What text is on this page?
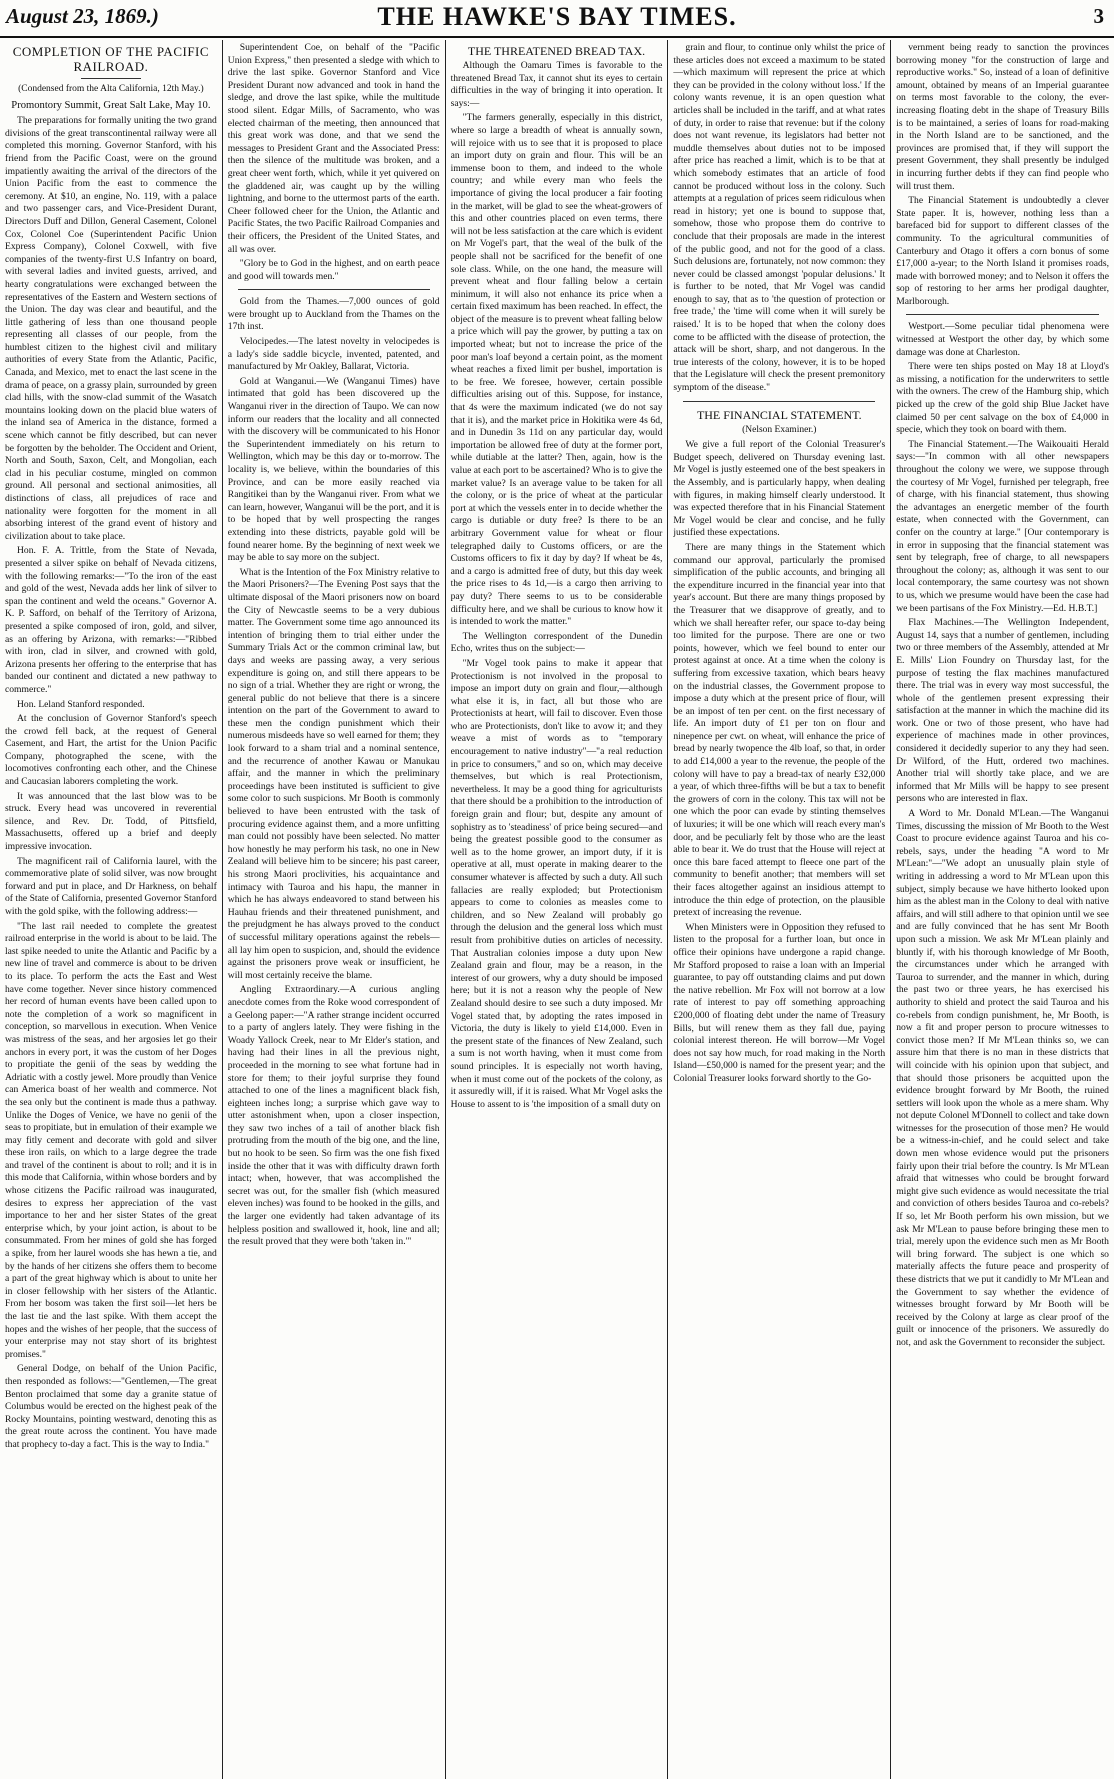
August 23, 1869.)	THE HAWKE'S BAY TIMES.	3
COMPLETION OF THE PACIFIC RAILROAD.
(Condensed from the Alta California, 12th May.)
Promontory Summit, Great Salt Lake, May 10.

The preparations for formally uniting the two grand divisions of the great transcontinental railway were all completed this morning. Governor Stanford, with his friend from the Pacific Coast, were on the ground impatiently awaiting the arrival of the directors of the Union Pacific from the east to commence the ceremony. At $10, an engine, No. 119, with a palace and two passenger cars, and Vice-President Durant, Directors Duff and Dillon, General Casement, Colonel Cox, Colonel Coe (Superintendent Pacific Union Express Company), Colonel Coxwell, with five companies of the twenty-first U.S Infantry on board, with several ladies and invited guests, arrived, and hearty congratulations were exchanged between the representatives of the Eastern and Western sections of the Union. The day was clear and beautiful, and the little gathering of less than one thousand people representing all classes of our people, from the humblest citizen to the highest civil and military authorities of every State from the Atlantic, Pacific, Canada, and Mexico, met to enact the last scene in the drama of peace, on a grassy plain, surrounded by green clad hills, with the snow-clad summit of the Wasatch mountains looking down on the placid blue waters of the inland sea of America in the distance, formed a scene which cannot be fitly described, but can never be forgotten by the beholder. The Occident and Orient, North and South, Saxon, Celt, and Mongolian, each clad in his peculiar costume, mingled on common ground. All personal and sectional animosities, all distinctions of class, all prejudices of race and nationality were forgotten for the moment in all absorbing interest of the grand event of history and civilization about to take place.

Hon. F. A. Trittle, from the State of Nevada, presented a silver spike on behalf of Nevada citizens, with the following remarks:—"To the iron of the east and gold of the west, Nevada adds her link of silver to span the continent and weld the oceans." Governor A. K. P. Safford, on behalf of the Territory of Arizona, presented a spike composed of iron, gold, and silver, as an offering by Arizona, with remarks:—"Ribbed with iron, clad in silver, and crowned with gold, Arizona presents her offering to the enterprise that has banded our continent and dictated a new pathway to commerce."

Hon. Leland Stanford responded.

At the conclusion of Governor Stanford's speech the crowd fell back, at the request of General Casement, and Hart, the artist for the Union Pacific Company, photographed the scene, with the locomotives confronting each other, and the Chinese and Caucasian laborers completing the work.

It was announced that the last blow was to be struck. Every head was uncovered in reverential silence, and Rev. Dr. Todd, of Pittsfield, Massachusetts, offered up a brief and deeply impressive invocation.

The magnificent rail of California laurel, with the commemorative plate of solid silver, was now brought forward and put in place, and Dr Harkness, on behalf of the State of California, presented Governor Stanford with the gold spike, with the following address:—

"The last rail needed to complete the greatest railroad enterprise in the world is about to be laid. The last spike needed to unite the Atlantic and Pacific by a new line of travel and commerce is about to be driven to its place. To perform the acts the East and West have come together. Never since history commenced her record of human events have been called upon to note the completion of a work so magnificent in conception, so marvellous in execution. When Venice was mistress of the seas, and her argosies let go their anchors in every port, it was the custom of her Doges to propitiate the genii of the seas by wedding the Adriatic with a costly jewel. More proudly than Venice can America boast of her wealth and commerce. Not the sea only but the continent is made thus a pathway. Unlike the Doges of Venice, we have no genii of the seas to propitiate, but in emulation of their example we may fitly cement and decorate with gold and silver these iron rails, on which to a large degree the trade and travel of the continent is about to roll; and it is in this mode that California, within whose borders and by whose citizens the Pacific railroad was inaugurated, desires to express her appreciation of the vast importance to her and her sister States of the great enterprise which, by your joint action, is about to be consummated. From her mines of gold she has forged a spike, from her laurel woods she has hewn a tie, and by the hands of her citizens she offers them to become a part of the great highway which is about to unite her in closer fellowship with her sisters of the Atlantic. From her bosom was taken the first soil—let hers be the last tie and the last spike. With them accept the hopes and the wishes of her people, that the success of your enterprise may not stay short of its brightest promises."

General Dodge, on behalf of the Union Pacific, then responded as follows:—"Gentlemen,—The great Benton proclaimed that some day a granite statue of Columbus would be erected on the highest peak of the Rocky Mountains, pointing westward, denoting this as the great route across the continent. You have made that prophecy to-day a fact. This is the way to India."

Superintendent Coe, on behalf of the "Pacific Union Express," then presented a sledge with which to drive the last spike. Governor Stanford and Vice President Durant now advanced and took in hand the sledge, and drove the last spike, while the multitude stood silent. Edgar Mills, of Sacramento, who was elected chairman of the meeting, then announced that this great work was done, and that we send the messages to President Grant and the Associated Press: then the silence of the multitude was broken, and a great cheer went forth, which, while it yet quivered on the gladdened air, was caught up by the willing lightning, and borne to the uttermost parts of the earth. Cheer followed cheer for the Union, the Atlantic and Pacific States, the two Pacific Railroad Companies and their officers, the President of the United States, and all was over.

"Glory be to God in the highest, and on earth peace and good will towards men."

Gold from the Thames.—7,000 ounces of gold were brought up to Auckland from the Thames on the 17th inst.

Velocipedes.—The latest novelty in velocipedes is a lady's side saddle bicycle, invented, patented, and manufactured by Mr Oakley, Ballarat, Victoria.

Gold at Wanganui.—We (Wanganui Times) have intimated that gold has been discovered up the Wanganui river in the direction of Taupo. We can now inform our readers that the locality and all connected with the discovery will be communicated to his Honor the Superintendent immediately on his return to Wellington, which may be this day or to-morrow. The locality is, we believe, within the boundaries of this Province, and can be more easily reached via Rangitikei than by the Wanganui river. From what we can learn, however, Wanganui will be the port, and it is to be hoped that by well prospecting the ranges extending into these districts, payable gold will be found nearer home. By the beginning of next week we may be able to say more on the subject.

What is the Intention of the Fox Ministry relative to the Maori Prisoners?—The Evening Post says that the ultimate disposal of the Maori prisoners now on board the City of Newcastle seems to be a very dubious matter. The Government some time ago announced its intention of bringing them to trial either under the Summary Trials Act or the common criminal law, but days and weeks are passing away, a very serious expenditure is going on, and still there appears to be no sign of a trial. Whether they are right or wrong, the general public do not believe that there is a sincere intention on the part of the Government to award to these men the condign punishment which their numerous misdeeds have so well earned for them; they look forward to a sham trial and a nominal sentence, and the recurrence of another Kawau or Manukau affair, and the manner in which the preliminary proceedings have been instituted is sufficient to give some color to such suspicions. Mr Booth is commonly believed to have been entrusted with the task of procuring evidence against them, and a more unfitting man could not possibly have been selected. No matter how honestly he may perform his task, no one in New Zealand will believe him to be sincere; his past career, his strong Maori proclivities, his acquaintance and intimacy with Tauroa and his hapu, the manner in which he has always endeavored to stand between his Hauhau friends and their threatened punishment, and the prejudgment he has always proved to the conduct of successful military operations against the rebels—all lay him open to suspicion, and, should the evidence against the prisoners prove weak or insufficient, he will most certainly receive the blame.

Angling Extraordinary.—A curious angling anecdote comes from the Roke wood correspondent of a Geelong paper:—"A rather strange incident occurred to a party of anglers lately. They were fishing in the Woady Yallock Creek, near to Mr Elder's station, and having had their lines in all the previous night, proceeded in the morning to see what fortune had in store for them; to their joyful surprise they found attached to one of the lines a magnificent black fish, eighteen inches long; a surprise which gave way to utter astonishment when, upon a closer inspection, they saw two inches of a tail of another black fish protruding from the mouth of the big one, and the line, but no hook to be seen. So firm was the one fish fixed inside the other that it was with difficulty drawn forth intact; when, however, that was accomplished the secret was out, for the smaller fish (which measured eleven inches) was found to be hooked in the gills, and the larger one evidently had taken advantage of its helpless position and swallowed it, hook, line and all; the result proved that they were both 'taken in.'"

THE THREATENED BREAD TAX.

Although the Oamaru Times is favorable to the threatened Bread Tax, it cannot shut its eyes to certain difficulties in the way of bringing it into operation. It says:—

"The farmers generally, especially in this district, where so large a breadth of wheat is annually sown, will rejoice with us to see that it is proposed to place an import duty on grain and flour. This will be an immense boon to them, and indeed to the whole country; and while every man who feels the importance of giving the local producer a fair footing in the market, will be glad to see the wheat-growers of this and other countries placed on even terms, there will not be less satisfaction at the care which is evident on Mr Vogel's part, that the weal of the bulk of the people shall not be sacrificed for the benefit of one sole class. While, on the one hand, the measure will prevent wheat and flour falling below a certain minimum, it will also not enhance its price when a certain fixed maximum has been reached. In effect, the object of the measure is to prevent wheat falling below a price which will pay the grower, by putting a tax on imported wheat; but not to increase the price of the poor man's loaf beyond a certain point, as the moment wheat reaches a fixed limit per bushel, importation is to be free. We foresee, however, certain possible difficulties arising out of this. Suppose, for instance, that 4s were the maximum indicated (we do not say that it is), and the market price in Hokitika were 4s 6d, and in Dunedin 3s 11d on any particular day, would importation be allowed free of duty at the former port, while dutiable at the latter? Then, again, how is the value at each port to be ascertained? Who is to give the market value? Is an average value to be taken for all the colony, or is the price of wheat at the particular port at which the vessels enter in to decide whether the cargo is dutiable or duty free? Is there to be an arbitrary Government value for wheat or flour telegraphed daily to Customs officers, or are the Customs officers to fix it day by day? If wheat be 4s, and a cargo is admitted free of duty, but this day week the price rises to 4s 1d,—is a cargo then arriving to pay duty? There seems to us to be considerable difficulty here, and we shall be curious to know how it is intended to work the matter."

The Wellington correspondent of the Dunedin Echo, writes thus on the subject:—

"Mr Vogel took pains to make it appear that Protectionism is not involved in the proposal to impose an import duty on grain and flour,—although what else it is, in fact, all but those who are Protectionists at heart, will fail to discover. Even those who are Protectionists, don't like to avow it; and they weave a mist of words as to "temporary encouragement to native industry"—"a real reduction in price to consumers," and so on, which may deceive themselves, but which is real Protectionism, nevertheless. It may be a good thing for agriculturists that there should be a prohibition to the introduction of foreign grain and flour; but, despite any amount of sophistry as to 'steadiness' of price being secured—and being the greatest possible good to the consumer as well as to the home grower, an import duty, if it is operative at all, must operate in making dearer to the consumer whatever is affected by such a duty. All such fallacies are really exploded; but Protectionism appears to come to colonies as measles come to children, and so New Zealand will probably go through the delusion and the general loss which must result from prohibitive duties on articles of necessity. That Australian colonies impose a duty upon New Zealand grain and flour, may be a reason, in the interest of our growers, why a duty should be imposed here; but it is not a reason why the people of New Zealand should desire to see such a duty imposed. Mr Vogel stated that, by adopting the rates imposed in Victoria, the duty is likely to yield £14,000. Even in the present state of the finances of New Zealand, such a sum is not worth having, when it must come from sound principles. It is especially not worth having, when it must come out of the pockets of the colony, as it assuredly will, if it is raised. What Mr Vogel asks the House to assent to is 'the imposition of a small duty on

grain and flour, to continue only whilst the price of these articles does not exceed a maximum to be stated—which maximum will represent the price at which they can be provided in the colony without loss.' If the colony wants revenue, it is an open question what articles shall be included in the tariff, and at what rates of duty, in order to raise that revenue: but if the colony does not want revenue, its legislators had better not muddle themselves about duties not to be imposed after price has reached a limit, which is to be that at which somebody estimates that an article of food cannot be produced without loss in the colony. Such attempts at a regulation of prices seem ridiculous when read in history; yet one is bound to suppose that, somehow, those who propose them do contrive to conclude that their proposals are made in the interest of the public good, and not for the good of a class. Such delusions are, fortunately, not now common: they never could be classed amongst 'popular delusions.' It is further to be noted, that Mr Vogel was candid enough to say, that as to 'the question of protection or free trade,' the 'time will come when it will surely be raised.' It is to be hoped that when the colony does come to be afflicted with the disease of protection, the attack will be short, sharp, and not dangerous. In the true interests of the colony, however, it is to be hoped that the Legislature will check the present premonitory symptom of the disease."

THE FINANCIAL STATEMENT.
(Nelson Examiner.)

We give a full report of the Colonial Treasurer's Budget speech, delivered on Thursday evening last. Mr Vogel is justly esteemed one of the best speakers in the Assembly, and is particularly happy, when dealing with figures, in making himself clearly understood. It was expected therefore that in his Financial Statement Mr Vogel would be clear and concise, and he fully justified these expectations.

There are many things in the Statement which command our approval, particularly the promised simplification of the public accounts, and bringing all the expenditure incurred in the financial year into that year's account. But there are many things proposed by the Treasurer that we disapprove of greatly, and to which we shall hereafter refer, our space to-day being too limited for the purpose. There are one or two points, however, which we feel bound to enter our protest against at once. At a time when the colony is suffering from excessive taxation, which bears heavy on the industrial classes, the Government propose to impose a duty which at the present price of flour, will be an impost of ten per cent. on the first necessary of life. An import duty of £1 per ton on flour and ninepence per cwt. on wheat, will enhance the price of bread by nearly twopence the 4lb loaf, so that, in order to add £14,000 a year to the revenue, the people of the colony will have to pay a bread-tax of nearly £32,000 a year, of which three-fifths will be but a tax to benefit the growers of corn in the colony. This tax will not be one which the poor can evade by stinting themselves of luxuries; it will be one which will reach every man's door, and be peculiarly felt by those who are the least able to bear it. We do trust that the House will reject at once this bare faced attempt to fleece one part of the community to benefit another; that members will set their faces altogether against an insidious attempt to introduce the thin edge of protection, on the plausible pretext of increasing the revenue.

When Ministers were in Opposition they refused to listen to the proposal for a further loan, but once in office their opinions have undergone a rapid change. Mr Stafford proposed to raise a loan with an Imperial guarantee, to pay off outstanding claims and put down the native rebellion. Mr Fox will not borrow at a low rate of interest to pay off something approaching £200,000 of floating debt under the name of Treasury Bills, but will renew them as they fall due, paying colonial interest thereon. He will borrow—Mr Vogel does not say how much, for road making in the North Island—£50,000 is named for the present year; and the Colonial Treasurer looks forward shortly to the Go-

vernment being ready to sanction the provinces borrowing money "for the construction of large and reproductive works." So, instead of a loan of definitive amount, obtained by means of an Imperial guarantee on terms most favorable to the colony, the ever-increasing floating debt in the shape of Treasury Bills is to be maintained, a series of loans for road-making in the North Island are to be sanctioned, and the provinces are promised that, if they will support the present Government, they shall presently be indulged in incurring further debts if they can find people who will trust them.

The Financial Statement is undoubtedly a clever State paper. It is, however, nothing less than a barefaced bid for support to different classes of the community. To the agricultural communities of Canterbury and Otago it offers a corn bonus of some £17,000 a-year; to the North Island it promises roads, made with borrowed money; and to Nelson it offers the sop of restoring to her arms her prodigal daughter, Marlborough.

Westport.—Some peculiar tidal phenomena were witnessed at Westport the other day, by which some damage was done at Charleston.

There were ten ships posted on May 18 at Lloyd's as missing, a notification for the underwriters to settle with the owners. The crew of the Hamburg ship, which picked up the crew of the gold ship Blue Jacket have claimed 50 per cent salvage on the box of £4,000 in specie, which they took on board with them.

The Financial Statement.—The Waikouaiti Herald says:—"In common with all other newspapers throughout the colony we were, we suppose through the courtesy of Mr Vogel, furnished per telegraph, free of charge, with his financial statement, thus showing the advantages an energetic member of the fourth estate, when connected with the Government, can confer on the country at large." [Our contemporary is in error in supposing that the financial statement was sent by telegraph, free of charge, to all newspapers throughout the colony; as, although it was sent to our local contemporary, the same courtesy was not shown to us, which we presume would have been the case had we been partisans of the Fox Ministry.—Ed. H.B.T.]

Flax Machines.—The Wellington Independent, August 14, says that a number of gentlemen, including two or three members of the Assembly, attended at Mr E. Mills' Lion Foundry on Thursday last, for the purpose of testing the flax machines manufactured there. The trial was in every way most successful, the whole of the gentlemen present expressing their satisfaction at the manner in which the machine did its work. One or two of those present, who have had experience of machines made in other provinces, considered it decidedly superior to any they had seen. Dr Wilford, of the Hutt, ordered two machines. Another trial will shortly take place, and we are informed that Mr Mills will be happy to see present persons who are interested in flax.

A Word to Mr. Donald M'Lean.—The Wanganui Times, discussing the mission of Mr Booth to the West Coast to procure evidence against Tauroa and his co-rebels, says, under the heading "A word to Mr M'Lean:"—"We adopt an unusually plain style of writing in addressing a word to Mr M'Lean upon this subject, simply because we have hitherto looked upon him as the ablest man in the Colony to deal with native affairs, and will still adhere to that opinion until we see and are fully convinced that he has sent Mr Booth upon such a mission. We ask Mr M'Lean plainly and bluntly if, with his thorough knowledge of Mr Booth, the circumstances under which he arranged with Tauroa to surrender, and the manner in which, during the past two or three years, he has exercised his authority to shield and protect the said Tauroa and his co-rebels from condign punishment, he, Mr Booth, is now a fit and proper person to procure witnesses to convict those men? If Mr M'Lean thinks so, we can assure him that there is no man in these districts that will coincide with his opinion upon that subject, and that should those prisoners be acquitted upon the evidence brought forward by Mr Booth, the ruined settlers will look upon the whole as a mere sham. Why not depute Colonel M'Donnell to collect and take down witnesses for the prosecution of those men? He would be a witness-in-chief, and he could select and take down men whose evidence would put the prisoners fairly upon their trial before the country. Is Mr M'Lean afraid that witnesses who could be brought forward might give such evidence as would necessitate the trial and conviction of others besides Tauroa and co-rebels? If so, let Mr Booth perform his own mission, but we ask Mr M'Lean to pause before bringing these men to trial, merely upon the evidence such men as Mr Booth will bring forward. The subject is one which so materially affects the future peace and prosperity of these districts that we put it candidly to Mr M'Lean and the Government to say whether the evidence of witnesses brought forward by Mr Booth will be received by the Colony at large as clear proof of the guilt or innocence of the prisoners. We assuredly do not, and ask the Government to reconsider the subject.
